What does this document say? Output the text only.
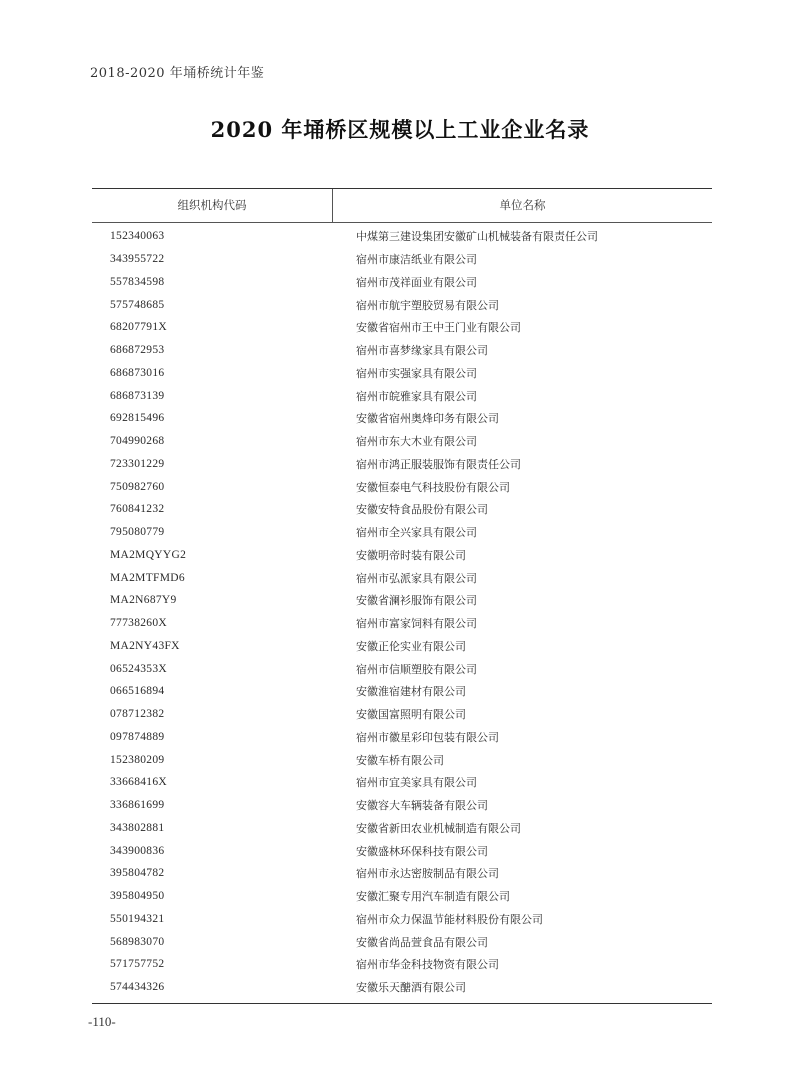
2018-2020 年埇桥统计年鉴
2020 年埇桥区规模以上工业企业名录
组织机构代码	单位名称
152340063	中煤第三建设集团安徽矿山机械装备有限责任公司
343955722	宿州市康洁纸业有限公司
557834598	宿州市茂祥面业有限公司
575748685	宿州市航宇塑胶贸易有限公司
68207791X	安徽省宿州市王中王门业有限公司
686872953	宿州市喜梦缘家具有限公司
686873016	宿州市实强家具有限公司
686873139	宿州市皖雅家具有限公司
692815496	安徽省宿州奥烽印务有限公司
704990268	宿州市东大木业有限公司
723301229	宿州市鸿正服装服饰有限责任公司
750982760	安徽恒泰电气科技股份有限公司
760841232	安徽安特食品股份有限公司
795080779	宿州市全兴家具有限公司
MA2MQYYG2	安徽明帝时装有限公司
MA2MTFMD6	宿州市弘派家具有限公司
MA2N687Y9	安徽省澜衫服饰有限公司
77738260X	宿州市富家饲料有限公司
MA2NY43FX	安徽正伦实业有限公司
06524353X	宿州市信顺塑胶有限公司
066516894	安徽淮宿建材有限公司
078712382	安徽国富照明有限公司
097874889	宿州市徽星彩印包装有限公司
152380209	安徽车桥有限公司
33668416X	宿州市宜美家具有限公司
336861699	安徽容大车辆装备有限公司
343802881	安徽省新田农业机械制造有限公司
343900836	安徽盛林环保科技有限公司
395804782	宿州市永达密胺制品有限公司
395804950	安徽汇聚专用汽车制造有限公司
550194321	宿州市众力保温节能材料股份有限公司
568983070	安徽省尚品萱食品有限公司
571757752	宿州市华金科技物资有限公司
574434326	安徽乐天醣酒有限公司
-110-
